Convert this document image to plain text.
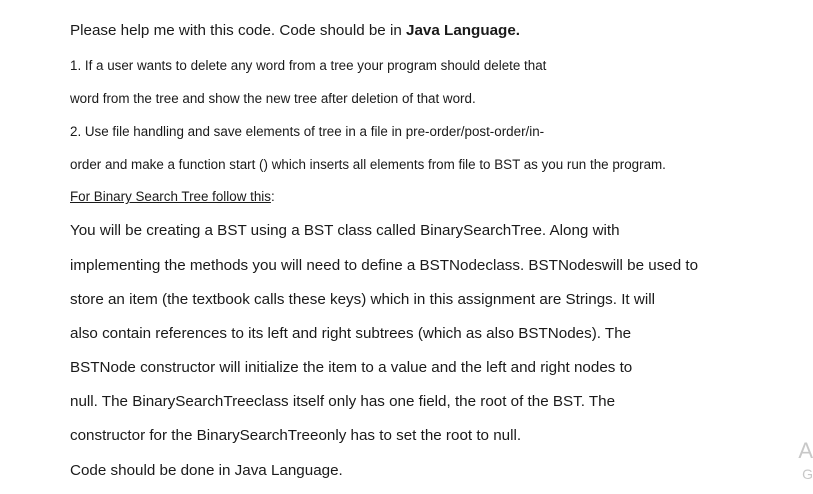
Please help me with this code. Code should be in Java Language.
1. If a user wants to delete any word from a tree your program should delete that
word from the tree and show the new tree after deletion of that word.
2. Use file handling and save elements of tree in a file in pre-order/post-order/in-
order and make a function start () which inserts all elements from file to BST as you run the program.
For Binary Search Tree follow this:
You will be creating a BST using a BST class called BinarySearchTree. Along with
implementing the methods you will need to define a BSTNodeclass. BSTNodeswill be used to
store an item (the textbook calls these keys) which in this assignment are Strings. It will
also contain references to its left and right subtrees (which as also BSTNodes). The
BSTNode constructor will initialize the item to a value and the left and right nodes to
null. The BinarySearchTreeclass itself only has one field, the root of the BST. The
constructor for the BinarySearchTreeonly has to set the root to null.
Code should be done in Java Language.
A
G
